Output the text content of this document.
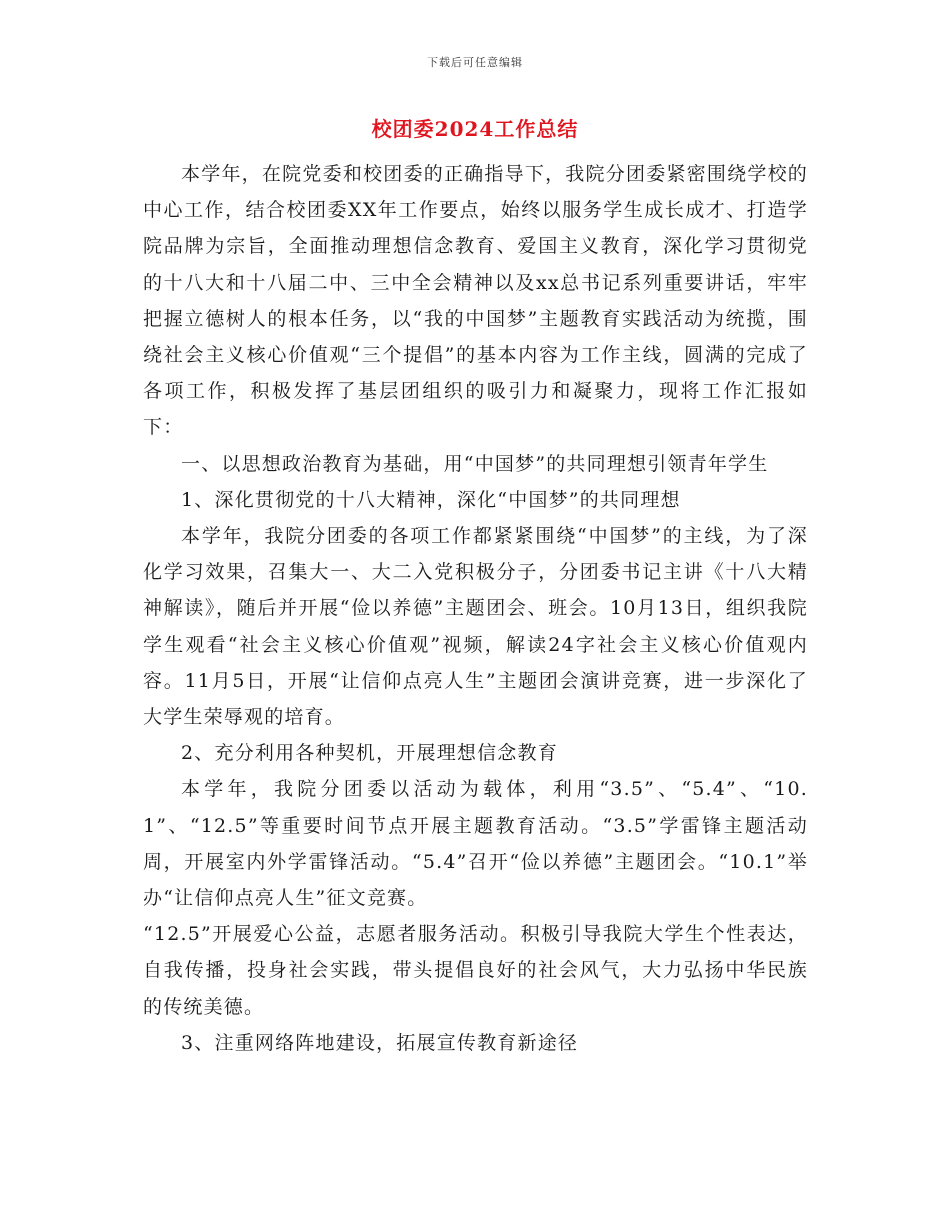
下载后可任意编辑
校团委2024工作总结

本学年，在院党委和校团委的正确指导下，我院分团委紧密围绕学校的中心工作，结合校团委XX年工作要点，始终以服务学生成长成才、打造学院品牌为宗旨，全面推动理想信念教育、爱国主义教育，深化学习贯彻党的十八大和十八届二中、三中全会精神以及xx总书记系列重要讲话，牢牢把握立德树人的根本任务，以“我的中国梦”主题教育实践活动为统揽，围绕社会主义核心价值观“三个提倡”的基本内容为工作主线，圆满的完成了各项工作，积极发挥了基层团组织的吸引力和凝聚力，现将工作汇报如下：

一、以思想政治教育为基础，用“中国梦”的共同理想引领青年学生

1、深化贯彻党的十八大精神，深化“中国梦”的共同理想

本学年，我院分团委的各项工作都紧紧围绕“中国梦”的主线，为了深化学习效果，召集大一、大二入党积极分子，分团委书记主讲《十八大精神解读》，随后并开展“俭以养德”主题团会、班会。10月13日，组织我院学生观看“社会主义核心价值观”视频，解读24字社会主义核心价值观内容。11月5日，开展“让信仰点亮人生”主题团会演讲竞赛，进一步深化了大学生荣辱观的培育。

2、充分利用各种契机，开展理想信念教育

本学年，我院分团委以活动为载体，利用“3.5”、“5.4”、“10.1”、“12.5”等重要时间节点开展主题教育活动。“3.5”学雷锋主题活动周，开展室内外学雷锋活动。“5.4”召开“俭以养德”主题团会。“10.1”举办“让信仰点亮人生”征文竞赛。

“12.5”开展爱心公益，志愿者服务活动。积极引导我院大学生个性表达，自我传播，投身社会实践，带头提倡良好的社会风气，大力弘扬中华民族的传统美德。

3、注重网络阵地建设，拓展宣传教育新途径
